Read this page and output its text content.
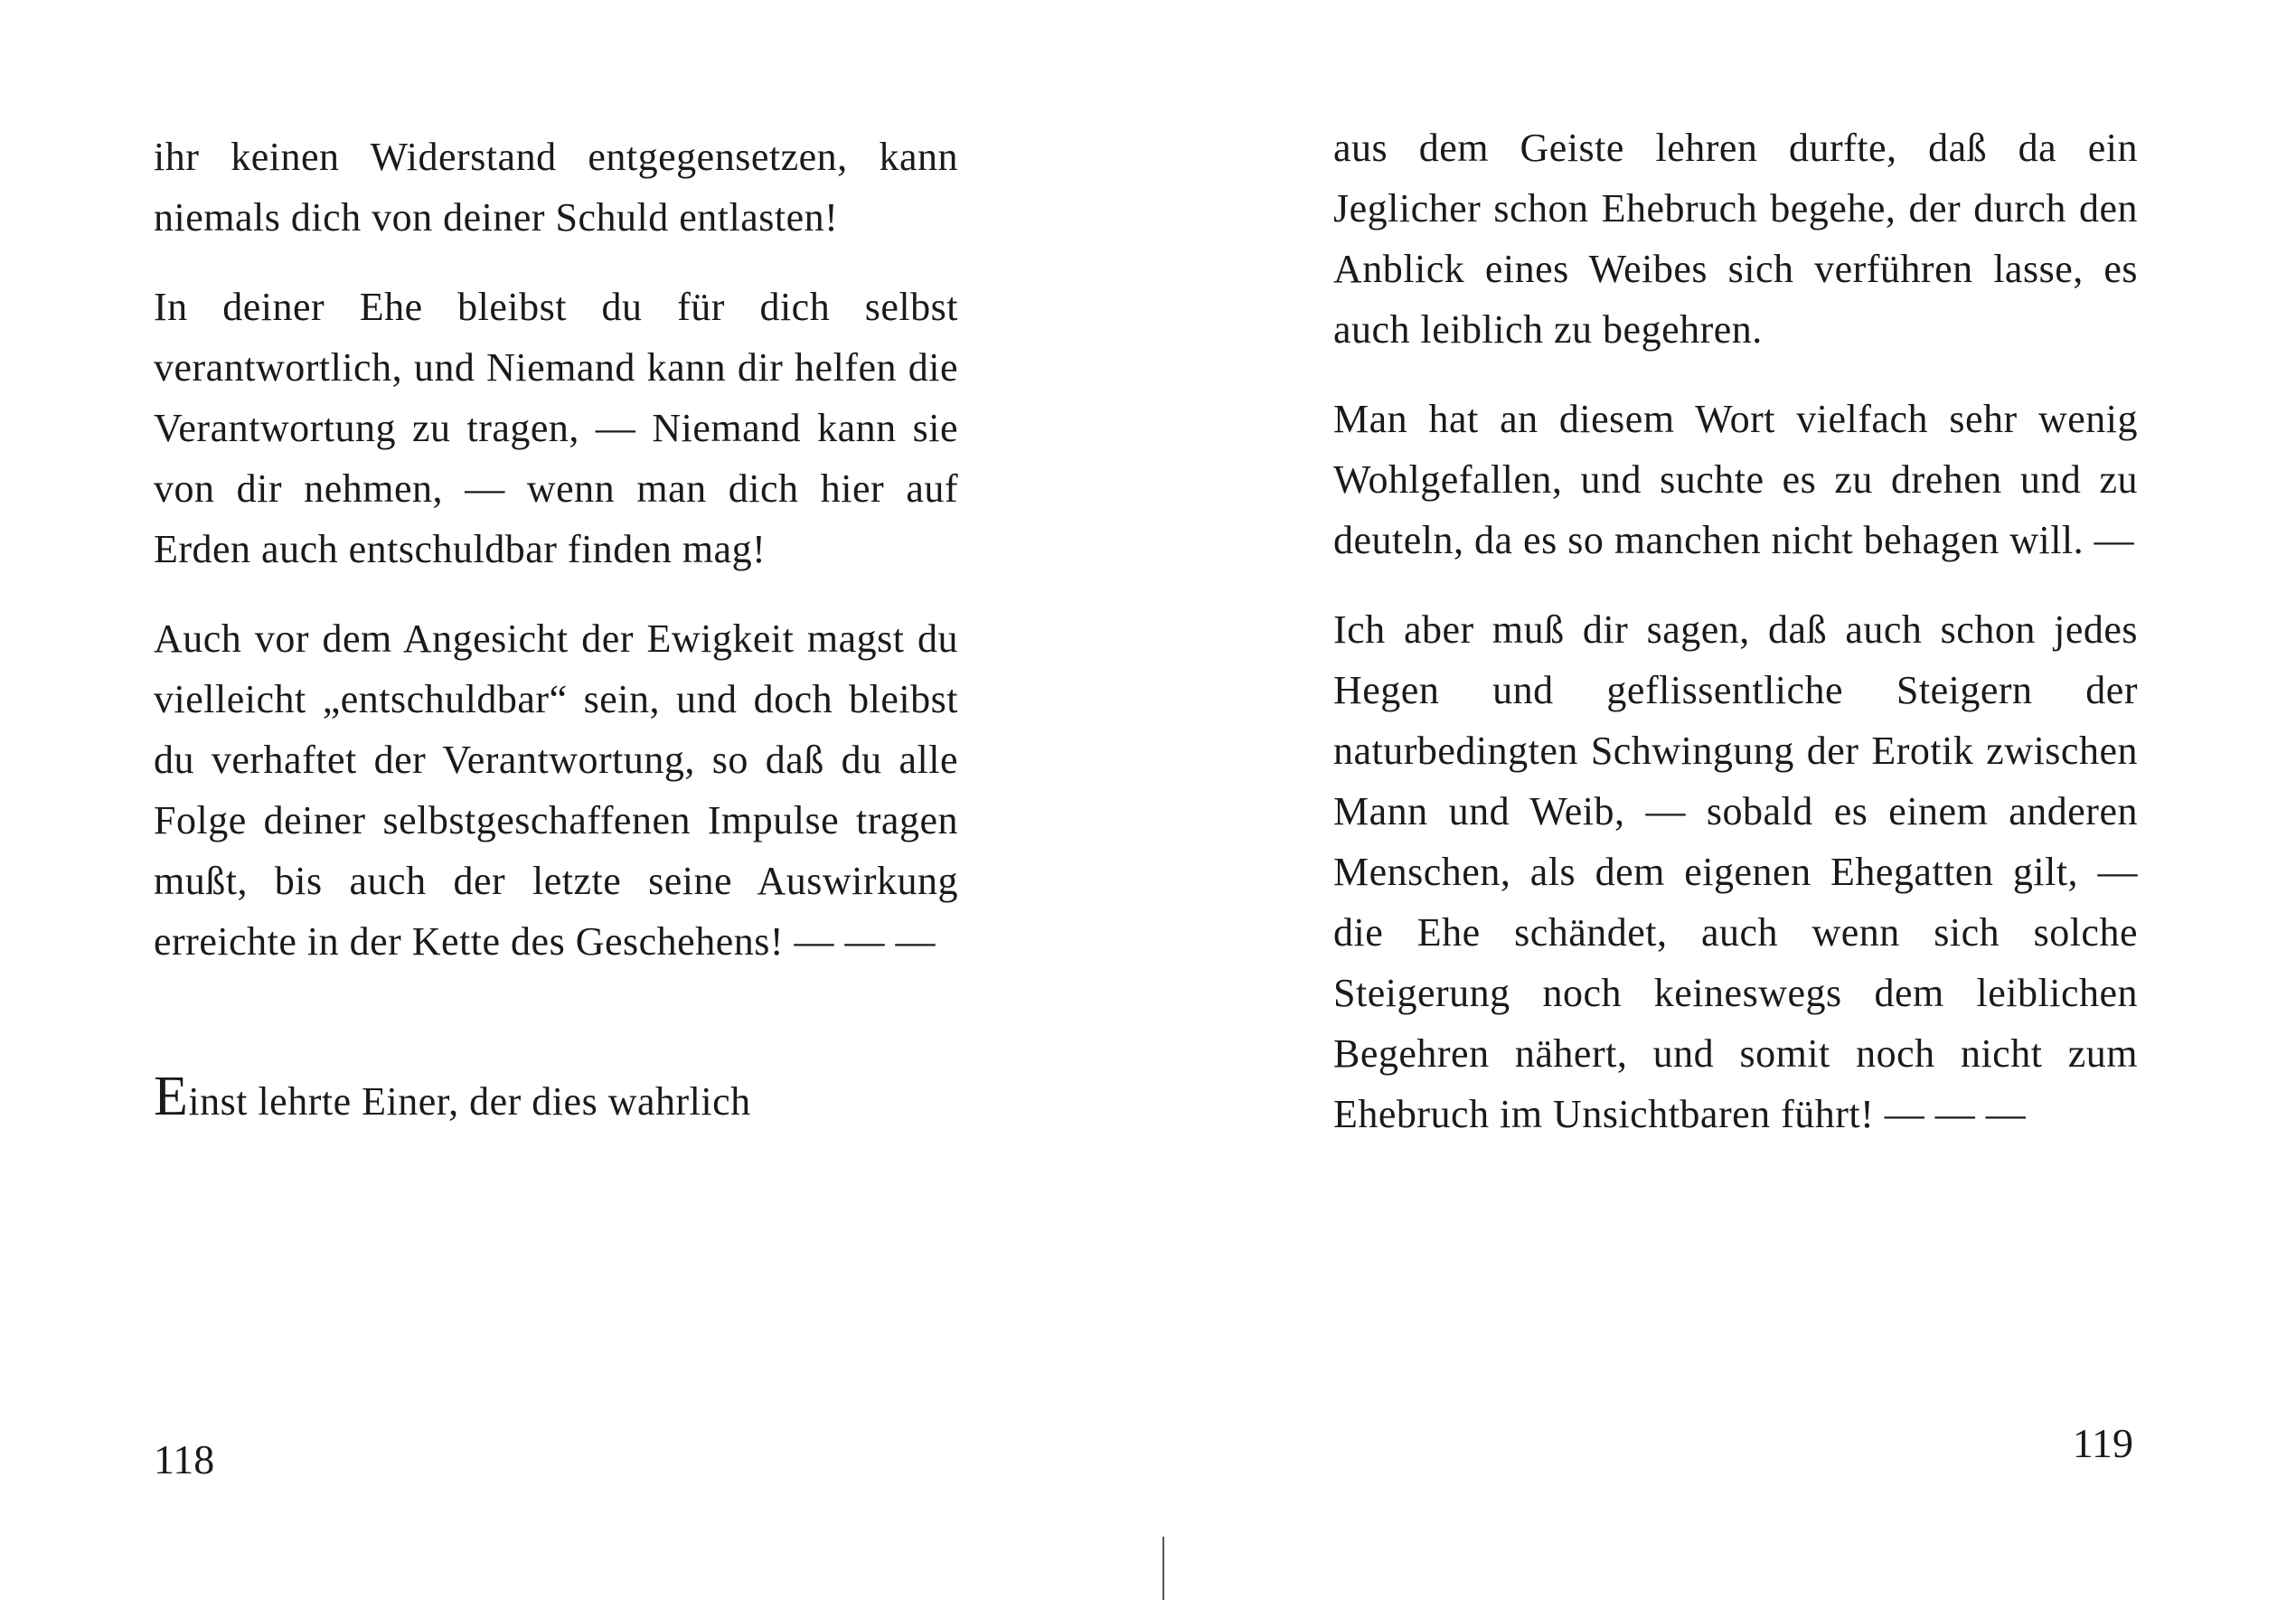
ihr keinen Widerstand entgegensetzen, kann niemals dich von deiner Schuld entlasten!

In deiner Ehe bleibst du für dich selbst verantwortlich, und Niemand kann dir helfen die Verantwortung zu tragen, — Niemand kann sie von dir nehmen, — wenn man dich hier auf Erden auch entschuldbar finden mag!

Auch vor dem Angesicht der Ewigkeit magst du vielleicht „entschuldbar“ sein, und doch bleibst du verhaftet der Verantwortung, so daß du alle Folge deiner selbstgeschaffenen Impulse tragen mußt, bis auch der letzte seine Auswirkung erreichte in der Kette des Geschehens! — — —

Einst lehrte Einer, der dies wahrlich

118

aus dem Geiste lehren durfte, daß da ein Jeglicher schon Ehebruch begehe, der durch den Anblick eines Weibes sich verführen lasse, es auch leiblich zu begehren.

Man hat an diesem Wort vielfach sehr wenig Wohlgefallen, und suchte es zu drehen und zu deuteln, da es so manchen nicht behagen will. —

Ich aber muß dir sagen, daß auch schon jedes Hegen und geflissentliche Steigern der naturbedingten Schwingung der Erotik zwischen Mann und Weib, — sobald es einem anderen Menschen, als dem eigenen Ehegatten gilt, — die Ehe schändet, auch wenn sich solche Steigerung noch keineswegs dem leiblichen Begehren nähert, und somit noch nicht zum Ehebruch im Unsichtbaren führt! — — —

119
